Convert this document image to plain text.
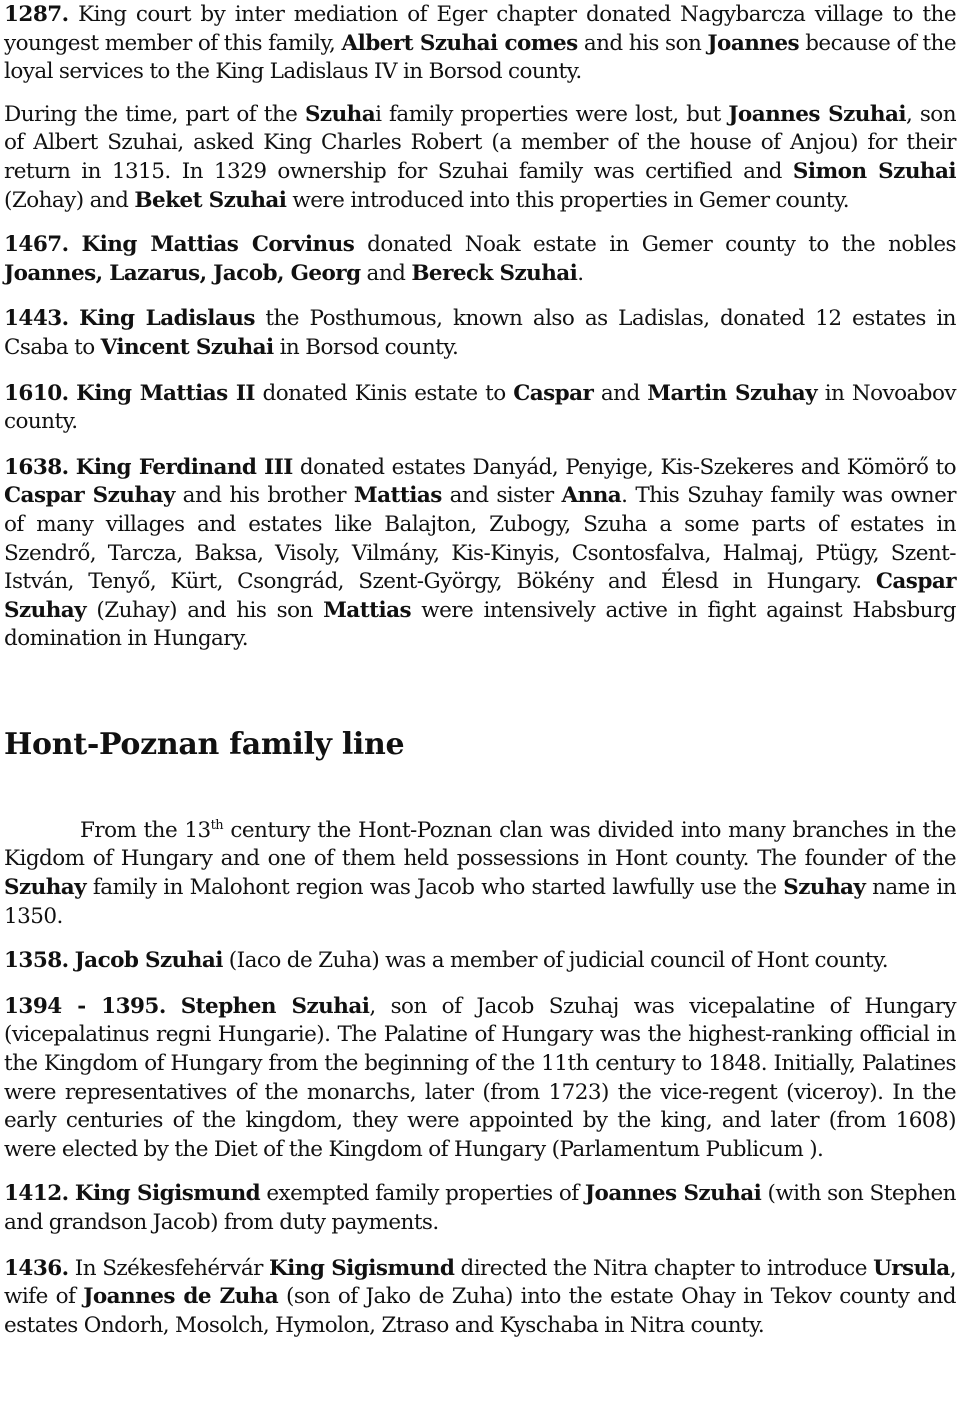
1287. King court by inter mediation of Eger chapter donated Nagybarcza village to the youngest member of this family, Albert Szuhai comes and his son Joannes because of the loyal services to the King Ladislaus IV in Borsod county.

During the time, part of the Szuhai family properties were lost, but Joannes Szuhai, son of Albert Szuhai, asked King Charles Robert (a member of the house of Anjou) for their return in 1315. In 1329 ownership for Szuhai family was certified and Simon Szuhai (Zohay) and Beket Szuhai were introduced into this properties in Gemer county.

1467. King Mattias Corvinus donated Noak estate in Gemer county to the nobles Joannes, Lazarus, Jacob, Georg and Bereck Szuhai.

1443. King Ladislaus the Posthumous, known also as Ladislas, donated 12 estates in Csaba to Vincent Szuhai in Borsod county.

1610. King Mattias II donated Kinis estate to Caspar and Martin Szuhay in Novoabov county.

1638. King Ferdinand III donated estates Danyád, Penyige, Kis-Szekeres and Kömörő to Caspar Szuhay and his brother Mattias and sister Anna. This Szuhay family was owner of many villages and estates like Balajton, Zubogy, Szuha a some parts of estates in Szendrő, Tarcza, Baksa, Visoly, Vilmány, Kis-Kinyis, Csontosfalva, Halmaj, Ptügy, Szent-István, Tenyő, Kürt, Csongrád, Szent-György, Bökény and Élesd in Hungary. Caspar Szuhay (Zuhay) and his son Mattias were intensively active in fight against Habsburg domination in Hungary.

Hont-Poznan family line

From the 13th century the Hont-Poznan clan was divided into many branches in the Kigdom of Hungary and one of them held possessions in Hont county. The founder of the Szuhay family in Malohont region was Jacob who started lawfully use the Szuhay name in 1350.

1358. Jacob Szuhai (Iaco de Zuha) was a member of judicial council of Hont county.

1394 - 1395. Stephen Szuhai, son of Jacob Szuhaj was vicepalatine of Hungary (vicepalatinus regni Hungarie). The Palatine of Hungary was the highest-ranking official in the Kingdom of Hungary from the beginning of the 11th century to 1848. Initially, Palatines were representatives of the monarchs, later (from 1723) the vice-regent (viceroy). In the early centuries of the kingdom, they were appointed by the king, and later (from 1608) were elected by the Diet of the Kingdom of Hungary (Parlamentum Publicum ).

1412. King Sigismund exempted family properties of Joannes Szuhai (with son Stephen and grandson Jacob) from duty payments.

1436. In Székesfehérvár King Sigismund directed the Nitra chapter to introduce Ursula, wife of Joannes de Zuha (son of Jako de Zuha) into the estate Ohay in Tekov county and estates Ondorh, Mosolch, Hymolon, Ztraso and Kyschaba in Nitra county.
